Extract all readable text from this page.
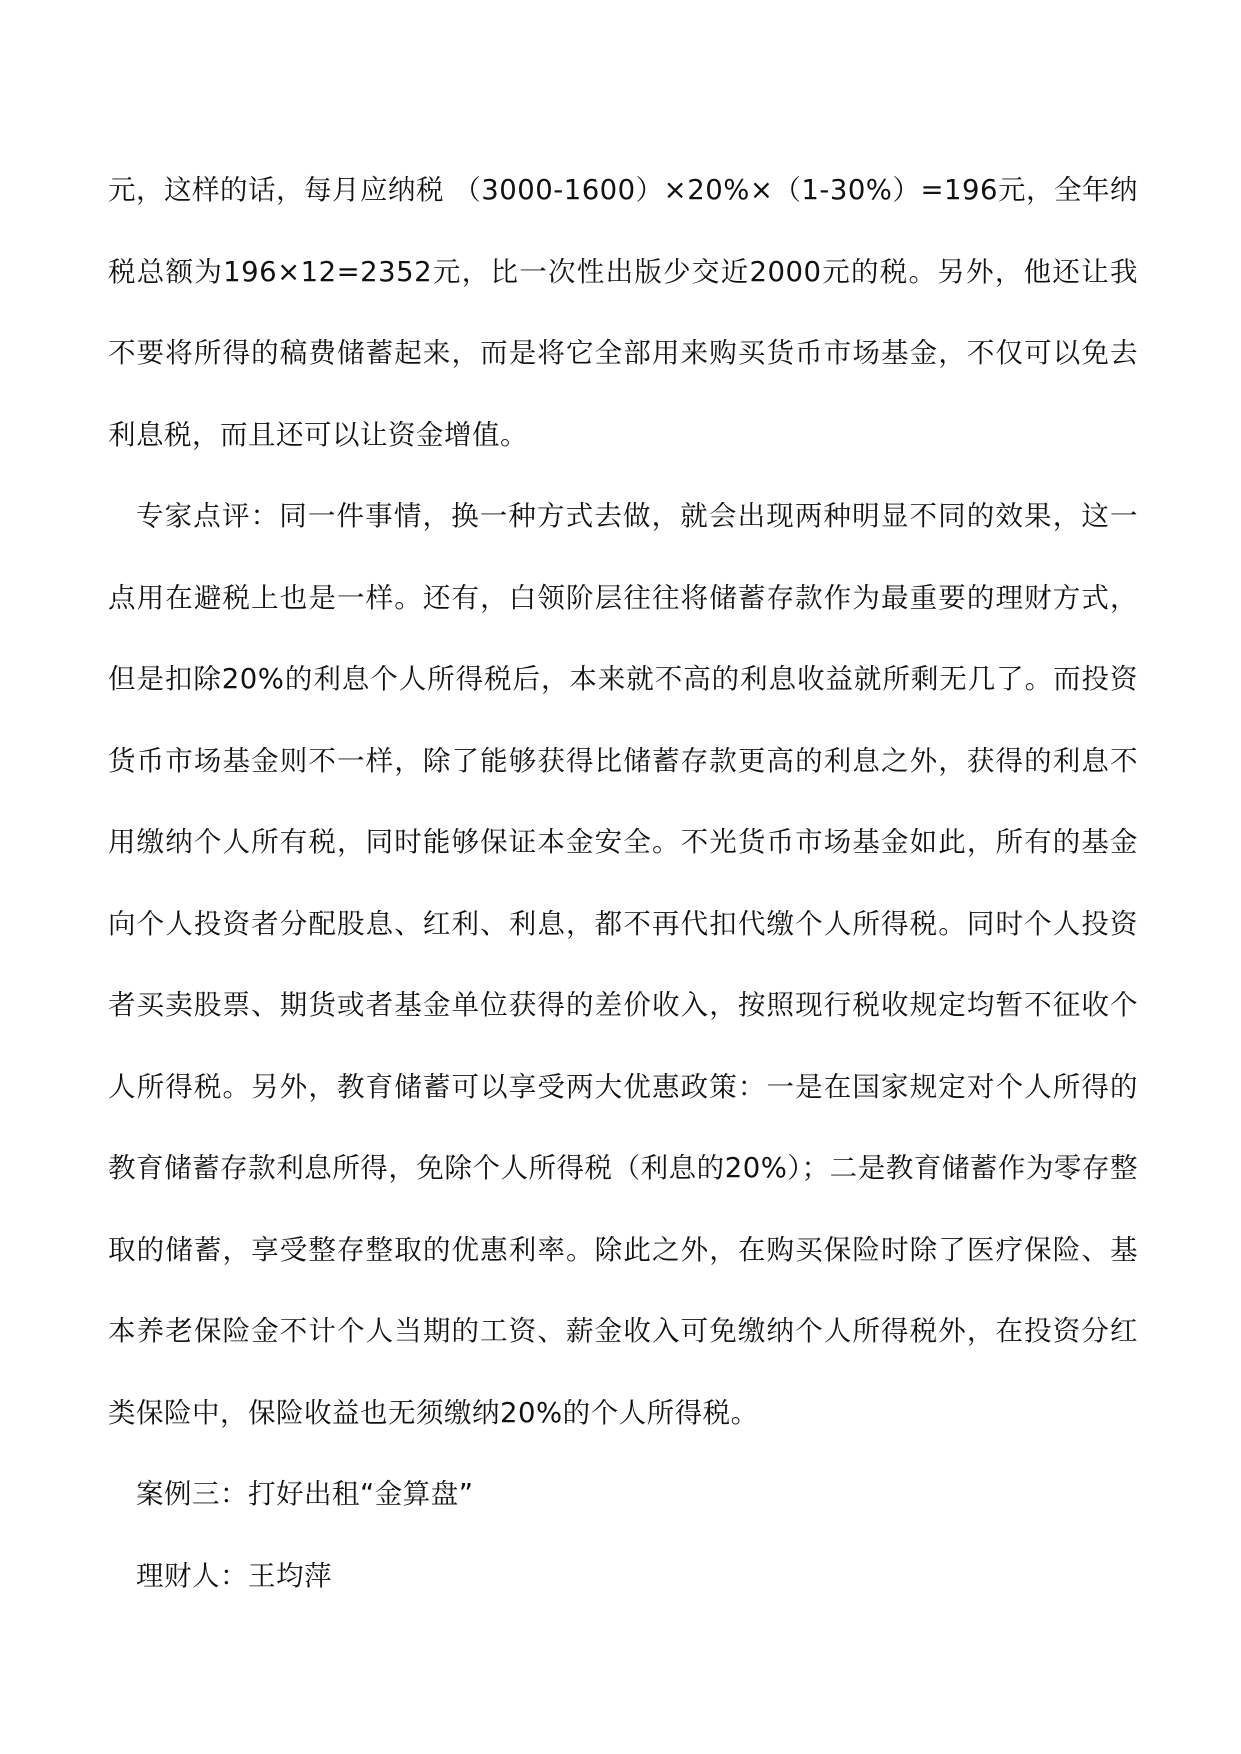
元，这样的话，每月应纳税 （3000-1600）×20%×（1-30%）=196元，全年纳税总额为196×12=2352元，比一次性出版少交近2000元的税。另外，他还让我不要将所得的稿费储蓄起来，而是将它全部用来购买货币市场基金，不仅可以免去利息税，而且还可以让资金增值。

专家点评：同一件事情，换一种方式去做，就会出现两种明显不同的效果，这一点用在避税上也是一样。还有，白领阶层往往将储蓄存款作为最重要的理财方式，但是扣除20%的利息个人所得税后，本来就不高的利息收益就所剩无几了。而投资货币市场基金则不一样，除了能够获得比储蓄存款更高的利息之外，获得的利息不用缴纳个人所有税，同时能够保证本金安全。不光货币市场基金如此，所有的基金向个人投资者分配股息、红利、利息，都不再代扣代缴个人所得税。同时个人投资者买卖股票、期货或者基金单位获得的差价收入，按照现行税收规定均暂不征收个人所得税。另外，教育储蓄可以享受两大优惠政策：一是在国家规定对个人所得的教育储蓄存款利息所得，免除个人所得税（利息的20%）；二是教育储蓄作为零存整取的储蓄，享受整存整取的优惠利率。除此之外，在购买保险时除了医疗保险、基本养老保险金不计个人当期的工资、薪金收入可免缴纳个人所得税外，在投资分红类保险中，保险收益也无须缴纳20%的个人所得税。

案例三：打好出租“金算盘”

理财人：王均萍
